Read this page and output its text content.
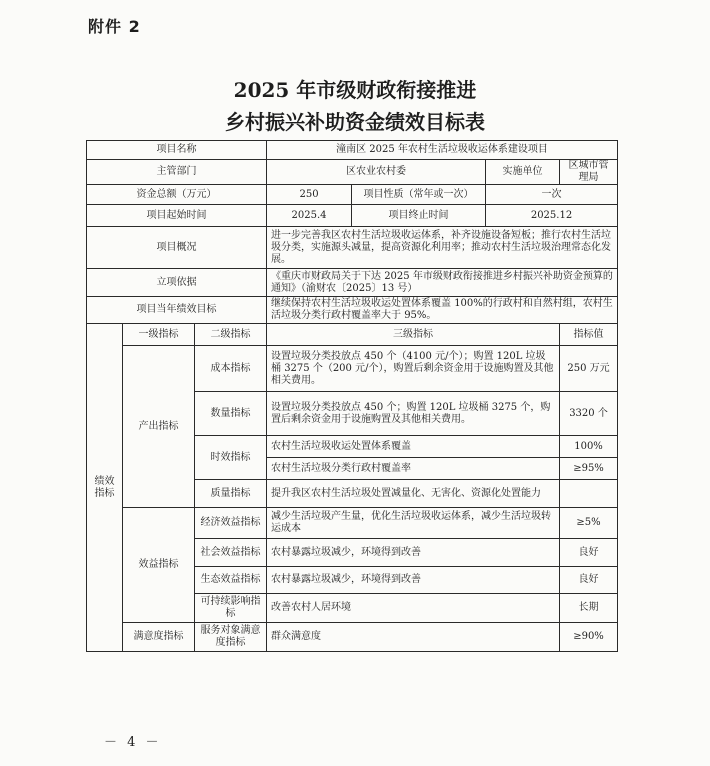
附件 2
2025 年市级财政衔接推进
乡村振兴补助资金绩效目标表
项目名称			潼南区 2025 年农村生活垃圾收运体系建设项目			
主管部门			区农业农村委		实施单位	区城市管理局
资金总额（万元）			250	项目性质（常年或一次）	一次	
项目起始时间			2025.4	项目终止时间	2025.12	
项目概况			进一步完善我区农村生活垃圾收运体系，补齐设施设备短板；推行农村生活垃圾分类，实施源头减量，提高资源化利用率；推动农村生活垃圾治理常态化发展。			
立项依据			《重庆市财政局关于下达 2025 年市级财政衔接推进乡村振兴补助资金预算的通知》（渝财农〔2025〕13 号）			
项目当年绩效目标			继续保持农村生活垃圾收运处置体系覆盖 100%的行政村和自然村组，农村生活垃圾分类行政村覆盖率大于 95%。			
绩效指标	一级指标	二级指标	三级指标			指标值
	产出指标	成本指标	设置垃圾分类投放点 450 个（4100 元/个）；购置 120L 垃圾桶 3275 个（200 元/个），购置后剩余资金用于设施购置及其他相关费用。			250 万元
		数量指标	设置垃圾分类投放点 450 个；购置 120L 垃圾桶 3275 个，购置后剩余资金用于设施购置及其他相关费用。			3320 个
		时效指标	农村生活垃圾收运处置体系覆盖			100%
			农村生活垃圾分类行政村覆盖率			≥95%
		质量指标	提升我区农村生活垃圾处置减量化、无害化、资源化处置能力			
	效益指标	经济效益指标	减少生活垃圾产生量，优化生活垃圾收运体系，减少生活垃圾转运成本			≥5%
		社会效益指标	农村暴露垃圾减少，环境得到改善			良好
		生态效益指标	农村暴露垃圾减少，环境得到改善			良好
		可持续影响指标	改善农村人居环境			长期
	满意度指标	服务对象满意度指标	群众满意度			≥90%
－ 4 －
